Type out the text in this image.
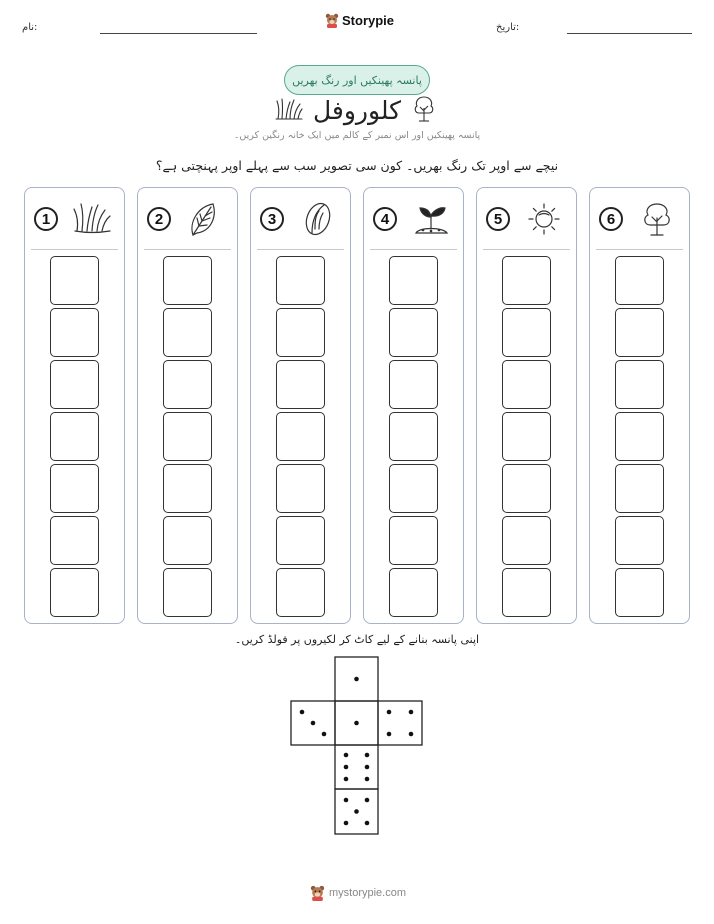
نام:	Storypie	تاریخ:
پانسہ پھینکیں اور رنگ بھریں
کلوروفل
پانسہ پھینکیں اور اس نمبر کے کالم میں ایک خانہ رنگین کریں۔
نیچے سے اوپر تک رنگ بھریں۔ کون سی تصویر سب سے پہلے اوپر پہنچتی ہے؟
1	2	3	4	5	6
اپنی پانسہ بنانے کے لیے کاٹ کر لکیروں پر فولڈ کریں۔
mystorypie.com
